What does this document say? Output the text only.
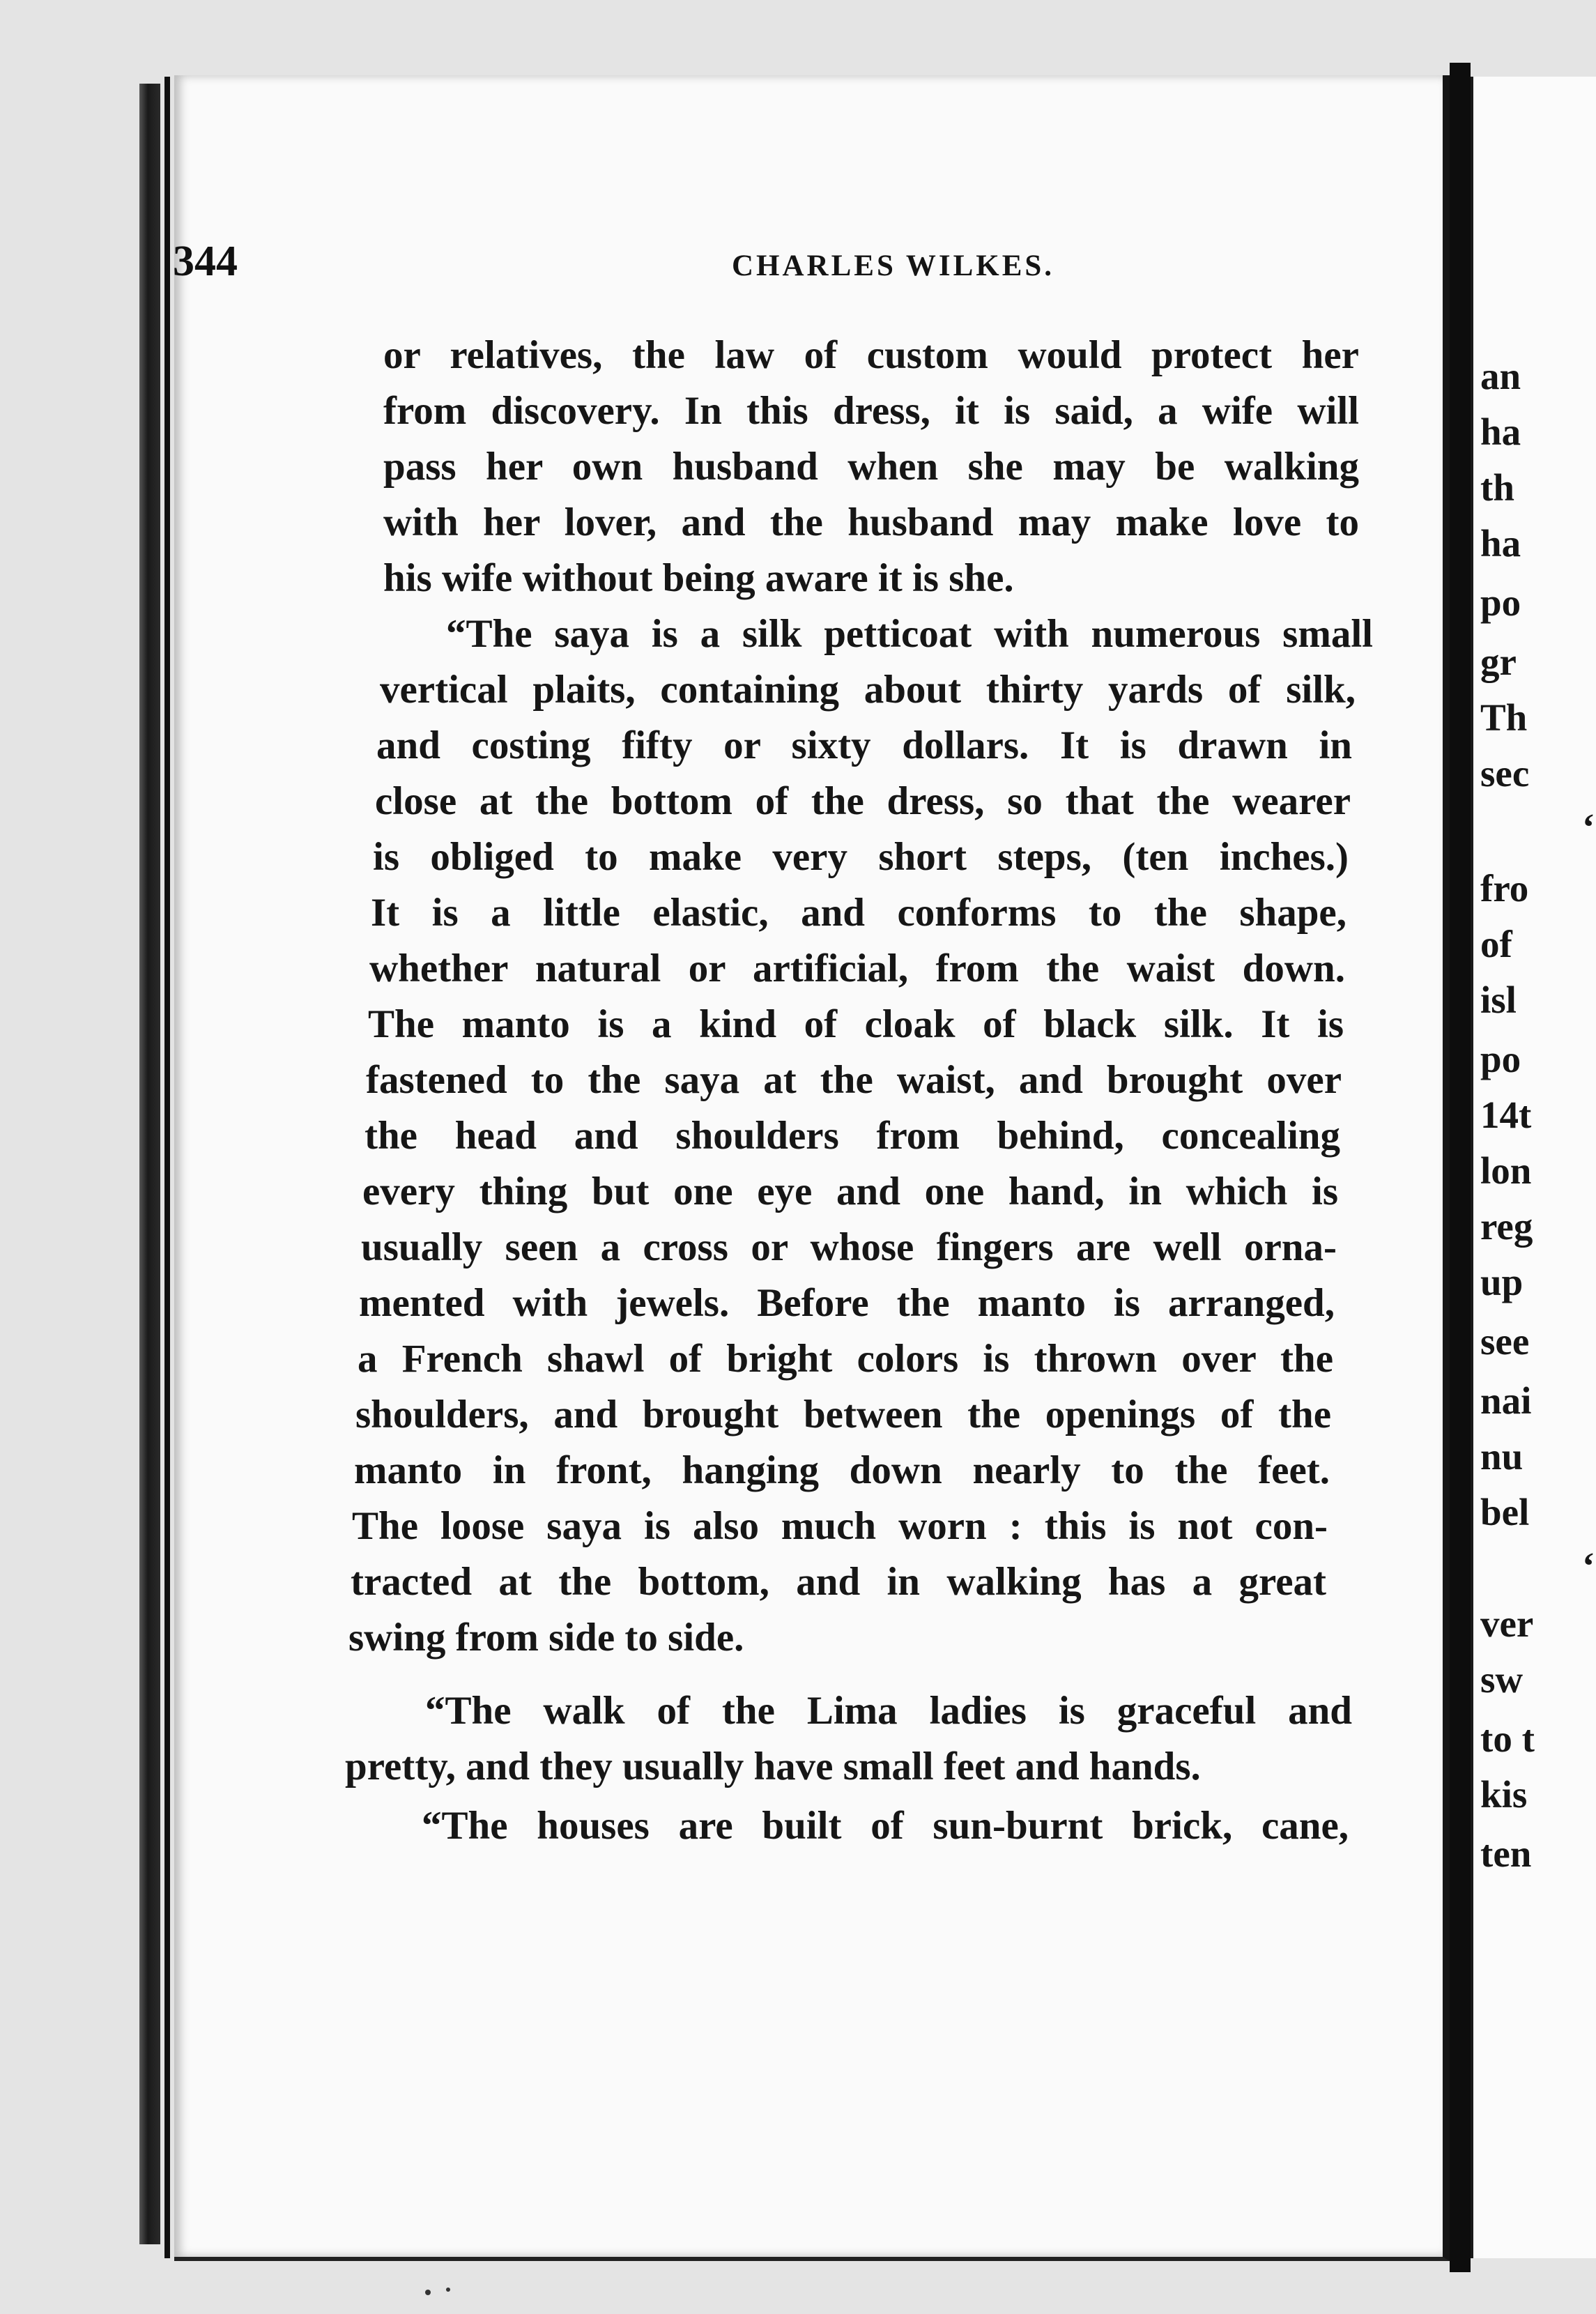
344	CHARLES WILKES.
or relatives, the law of custom would protect her
from discovery. In this dress, it is said, a wife will
pass her own husband when she may be walking
with her lover, and the husband may make love to
his wife without being aware it is she.
“The saya is a silk petticoat with numerous small
vertical plaits, containing about thirty yards of silk,
and costing fifty or sixty dollars. It is drawn in
close at the bottom of the dress, so that the wearer
is obliged to make very short steps, (ten inches.)
It is a little elastic, and conforms to the shape,
whether natural or artificial, from the waist down.
The manto is a kind of cloak of black silk. It is
fastened to the saya at the waist, and brought over
the head and shoulders from behind, concealing
every thing but one eye and one hand, in which is
usually seen a cross or whose fingers are well orna-
mented with jewels. Before the manto is arranged,
a French shawl of bright colors is thrown over the
shoulders, and brought between the openings of the
manto in front, hanging down nearly to the feet.
The loose saya is also much worn : this is not con-
tracted at the bottom, and in walking has a great
swing from side to side.
“The walk of the Lima ladies is graceful and
pretty, and they usually have small feet and hands.
“The houses are built of sun-burnt brick, cane,
an
ha
th
ha
po
gr
Th
sec
‘
fro
of
isl
po
14t
lon
reg
up
see
nai
nu
bel
‘
ver
sw
to t
kis
ten
